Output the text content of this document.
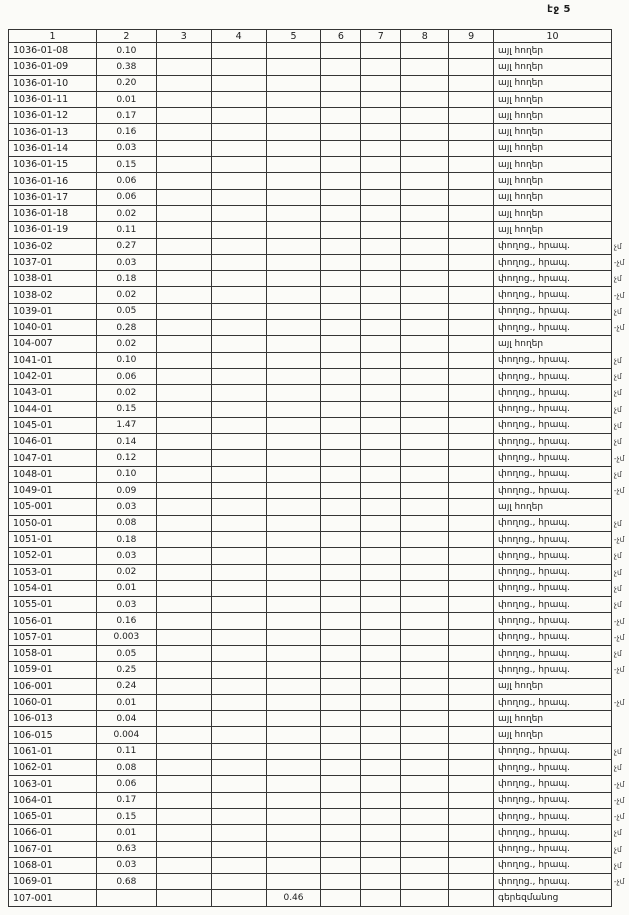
էջ 5
1	2	3	4	5	6	7	8	9	10	
1036-01-08	0.10								այլ հողեր	
1036-01-09	0.38								այլ հողեր	
1036-01-10	0.20								այլ հողեր	
1036-01-11	0.01								այլ հողեր	
1036-01-12	0.17								այլ հողեր	
1036-01-13	0.16								այլ հողեր	
1036-01-14	0.03								այլ հողեր	
1036-01-15	0.15								այլ հողեր	
1036-01-16	0.06								այլ հողեր	
1036-01-17	0.06								այլ հողեր	
1036-01-18	0.02								այլ հողեր	
1036-01-19	0.11								այլ հողեր	
1036-02	0.27								փողոց., հրապ.	չմ
1037-01	0.03								փողոց., հրապ.	-չմ
1038-01	0.18								փողոց., հրապ.	չմ
1038-02	0.02								փողոց., հրապ.	-չմ
1039-01	0.05								փողոց., հրապ.	չմ
1040-01	0.28								փողոց., հրապ.	-չմ
104-007	0.02								այլ հողեր	
1041-01	0.10								փողոց., հրապ.	չմ
1042-01	0.06								փողոց., հրապ.	չմ
1043-01	0.02								փողոց., հրապ.	չմ
1044-01	0.15								փողոց., հրապ.	չմ
1045-01	1.47								փողոց., հրապ.	չմ
1046-01	0.14								փողոց., հրապ.	չմ
1047-01	0.12								փողոց., հրապ.	-չմ
1048-01	0.10								փողոց., հրապ.	չմ
1049-01	0.09								փողոց., հրապ.	-չմ
105-001	0.03								այլ հողեր	
1050-01	0.08								փողոց., հրապ.	չմ
1051-01	0.18								փողոց., հրապ.	-չմ
1052-01	0.03								փողոց., հրապ.	չմ
1053-01	0.02								փողոց., հրապ.	չմ
1054-01	0.01								փողոց., հրապ.	չմ
1055-01	0.03								փողոց., հրապ.	չմ
1056-01	0.16								փողոց., հրապ.	-չմ
1057-01	0.003								փողոց., հրապ.	-չմ
1058-01	0.05								փողոց., հրապ.	չմ
1059-01	0.25								փողոց., հրապ.	-չմ
106-001	0.24								այլ հողեր	
1060-01	0.01								փողոց., հրապ.	-չմ
106-013	0.04								այլ հողեր	
106-015	0.004								այլ հողեր	
1061-01	0.11								փողոց., հրապ.	չմ
1062-01	0.08								փողոց., հրապ.	չմ
1063-01	0.06								փողոց., հրապ.	-չմ
1064-01	0.17								փողոց., հրապ.	-չմ
1065-01	0.15								փողոց., հրապ.	-չմ
1066-01	0.01								փողոց., հրապ.	չմ
1067-01	0.63								փողոց., հրապ.	չմ
1068-01	0.03								փողոց., հրապ.	չմ
1069-01	0.68								փողոց., հրապ.	-չմ
107-001				0.46					գերեզմանոց	
